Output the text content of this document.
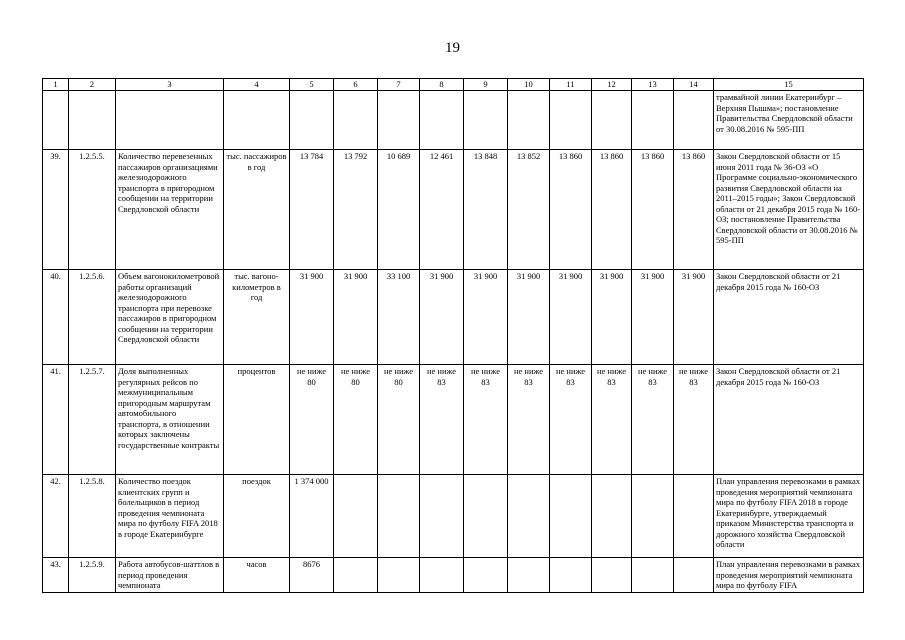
19
1	2	3	4	5	6	7	8	9	10	11	12	13	14	15
														трамвайной линии Екатеринбург – Верхняя Пышма»; постановление Правительства Свердловской области от 30.08.2016 № 595-ПП
39.	1.2.5.5.	Количество перевезенных пассажиров организациями железнодорожного транспорта в пригородном сообщении на территории Свердловской области	тыс. пассажиров в год	13 784	13 792	10 689	12 461	13 848	13 852	13 860	13 860	13 860	13 860	Закон Свердловской области от 15 июня 2011 года № 36-ОЗ «О Программе социально-экономического развития Свердловской области на 2011–2015 годы»; Закон Свердловской области от 21 декабря 2015 года № 160-ОЗ; постановление Правительства Свердловской области от 30.08.2016 № 595-ПП
40.	1.2.5.6.	Объем вагонокилометровой работы организаций железнодорожного транспорта при перевозке пассажиров в пригородном сообщении на территории Свердловской области	тыс. вагоно-километров в год	31 900	31 900	33 100	31 900	31 900	31 900	31 900	31 900	31 900	31 900	Закон Свердловской области от 21 декабря 2015 года № 160-ОЗ
41.	1.2.5.7.	Доля выполненных регулярных рейсов по межмуниципальным пригородным маршрутам автомобильного транспорта, в отношении которых заключены государственные контракты	процентов	не ниже 80	не ниже 80	не ниже 80	не ниже 83	не ниже 83	не ниже 83	не ниже 83	не ниже 83	не ниже 83	не ниже 83	Закон Свердловской области от 21 декабря 2015 года № 160-ОЗ
42.	1.2.5.8.	Количество поездок клиентских групп и болельщиков в период проведения чемпионата мира по футболу FIFA 2018 в городе Екатеринбурге	поездок	1 374 000										План управления перевозками в рамках проведения мероприятий чемпионата мира по футболу FIFA 2018 в городе Екатеринбурге, утверждаемый приказом Министерства транспорта и дорожного хозяйства Свердловской области
43.	1.2.5.9.	Работа автобусов-шаттлов в период проведения чемпионата	часов	8676										План управления перевозками в рамках проведения мероприятий чемпионата мира по футболу FIFA
